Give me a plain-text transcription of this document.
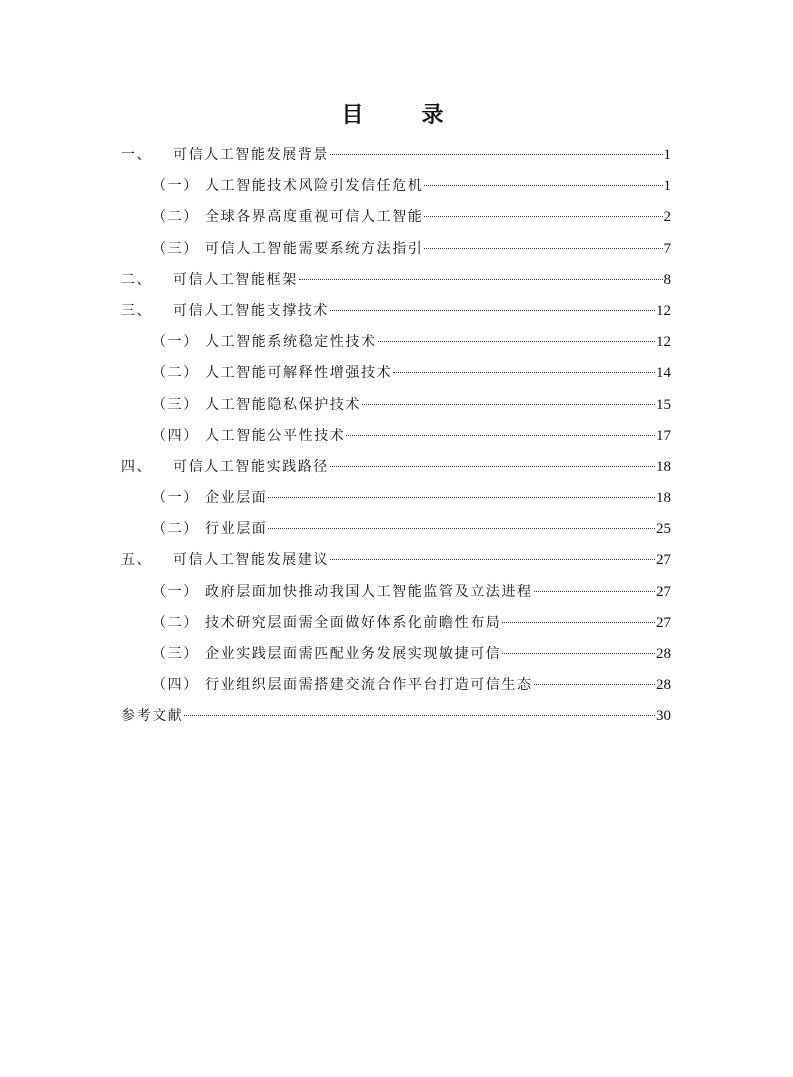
目　录
一、	可信人工智能发展背景	1
（一） 人工智能技术风险引发信任危机	1
（二） 全球各界高度重视可信人工智能	2
（三） 可信人工智能需要系统方法指引	7
二、	可信人工智能框架	8
三、	可信人工智能支撑技术	12
（一） 人工智能系统稳定性技术	12
（二） 人工智能可解释性增强技术	14
（三） 人工智能隐私保护技术	15
（四） 人工智能公平性技术	17
四、	可信人工智能实践路径	18
（一） 企业层面	18
（二） 行业层面	25
五、	可信人工智能发展建议	27
（一） 政府层面加快推动我国人工智能监管及立法进程	27
（二） 技术研究层面需全面做好体系化前瞻性布局	27
（三） 企业实践层面需匹配业务发展实现敏捷可信	28
（四） 行业组织层面需搭建交流合作平台打造可信生态	28
参考文献	30
